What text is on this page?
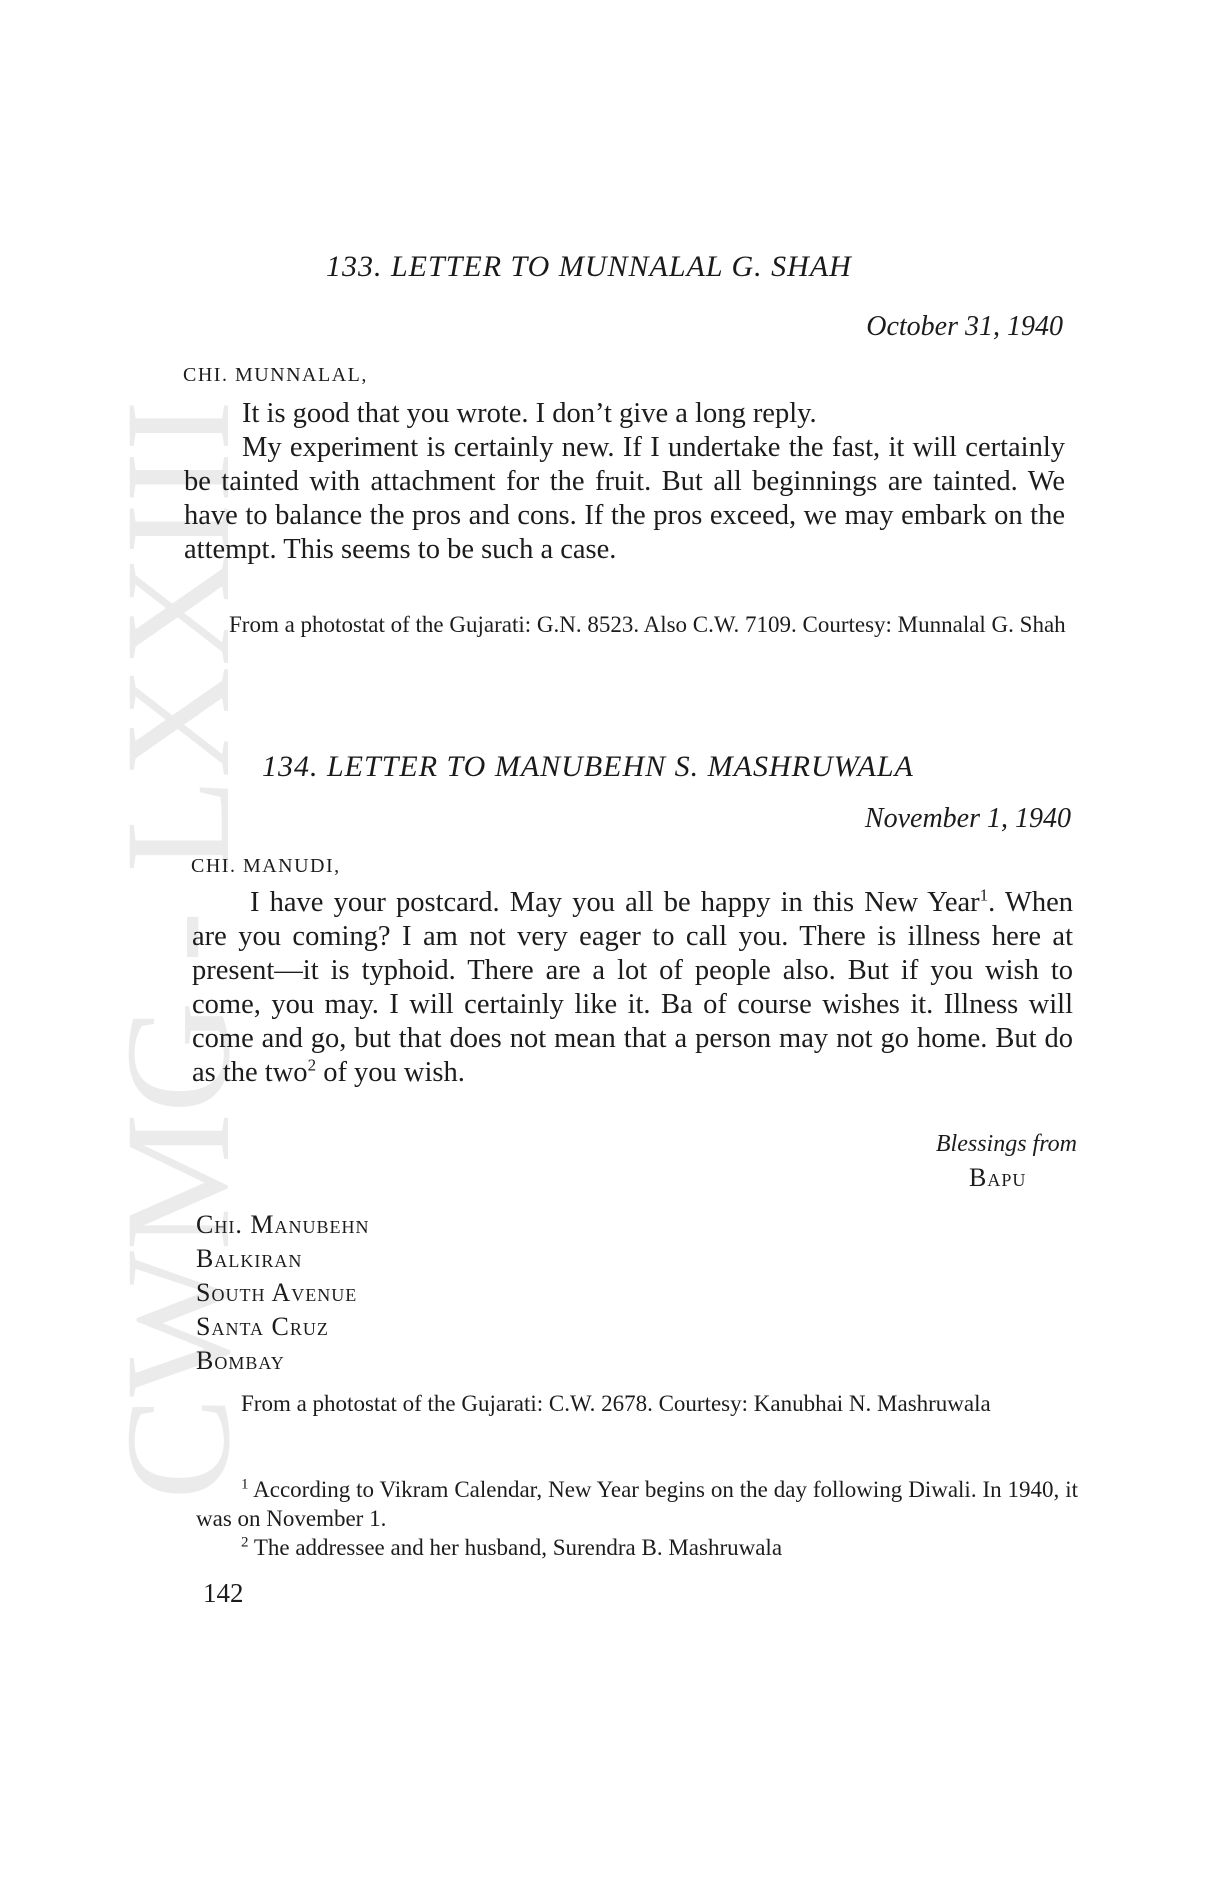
CWMG LXXIII
133. LETTER TO MUNNALAL G. SHAH
October 31, 1940
CHI. MUNNALAL,

It is good that you wrote. I don’t give a long reply.

My experiment is certainly new. If I undertake the fast, it will certainly be tainted with attachment for the fruit. But all beginnings are tainted. We have to balance the pros and cons. If the pros exceed, we may embark on the attempt. This seems to be such a case.

From a photostat of the Gujarati: G.N. 8523. Also C.W. 7109. Courtesy: Munnalal G. Shah

134. LETTER TO MANUBEHN S. MASHRUWALA
November 1, 1940
CHI. MANUDI,

I have your postcard. May you all be happy in this New Year$^1$. When are you coming? I am not very eager to call you. There is illness here at present—it is typhoid. There are a lot of people also. But if you wish to come, you may. I will certainly like it. Ba of course wishes it. Illness will come and go, but that does not mean that a person may not go home. But do as the two$^2$ of you wish.

Blessings from
Bapu
Chi. Manubehn
Balkiran
South Avenue
Santa Cruz
Bombay

From a photostat of the Gujarati: C.W. 2678. Courtesy: Kanubhai N. Mashruwala

$^1$ According to Vikram Calendar, New Year begins on the day following Diwali. In 1940, it was on November 1.

$^2$ The addressee and her husband, Surendra B. Mashruwala

142
